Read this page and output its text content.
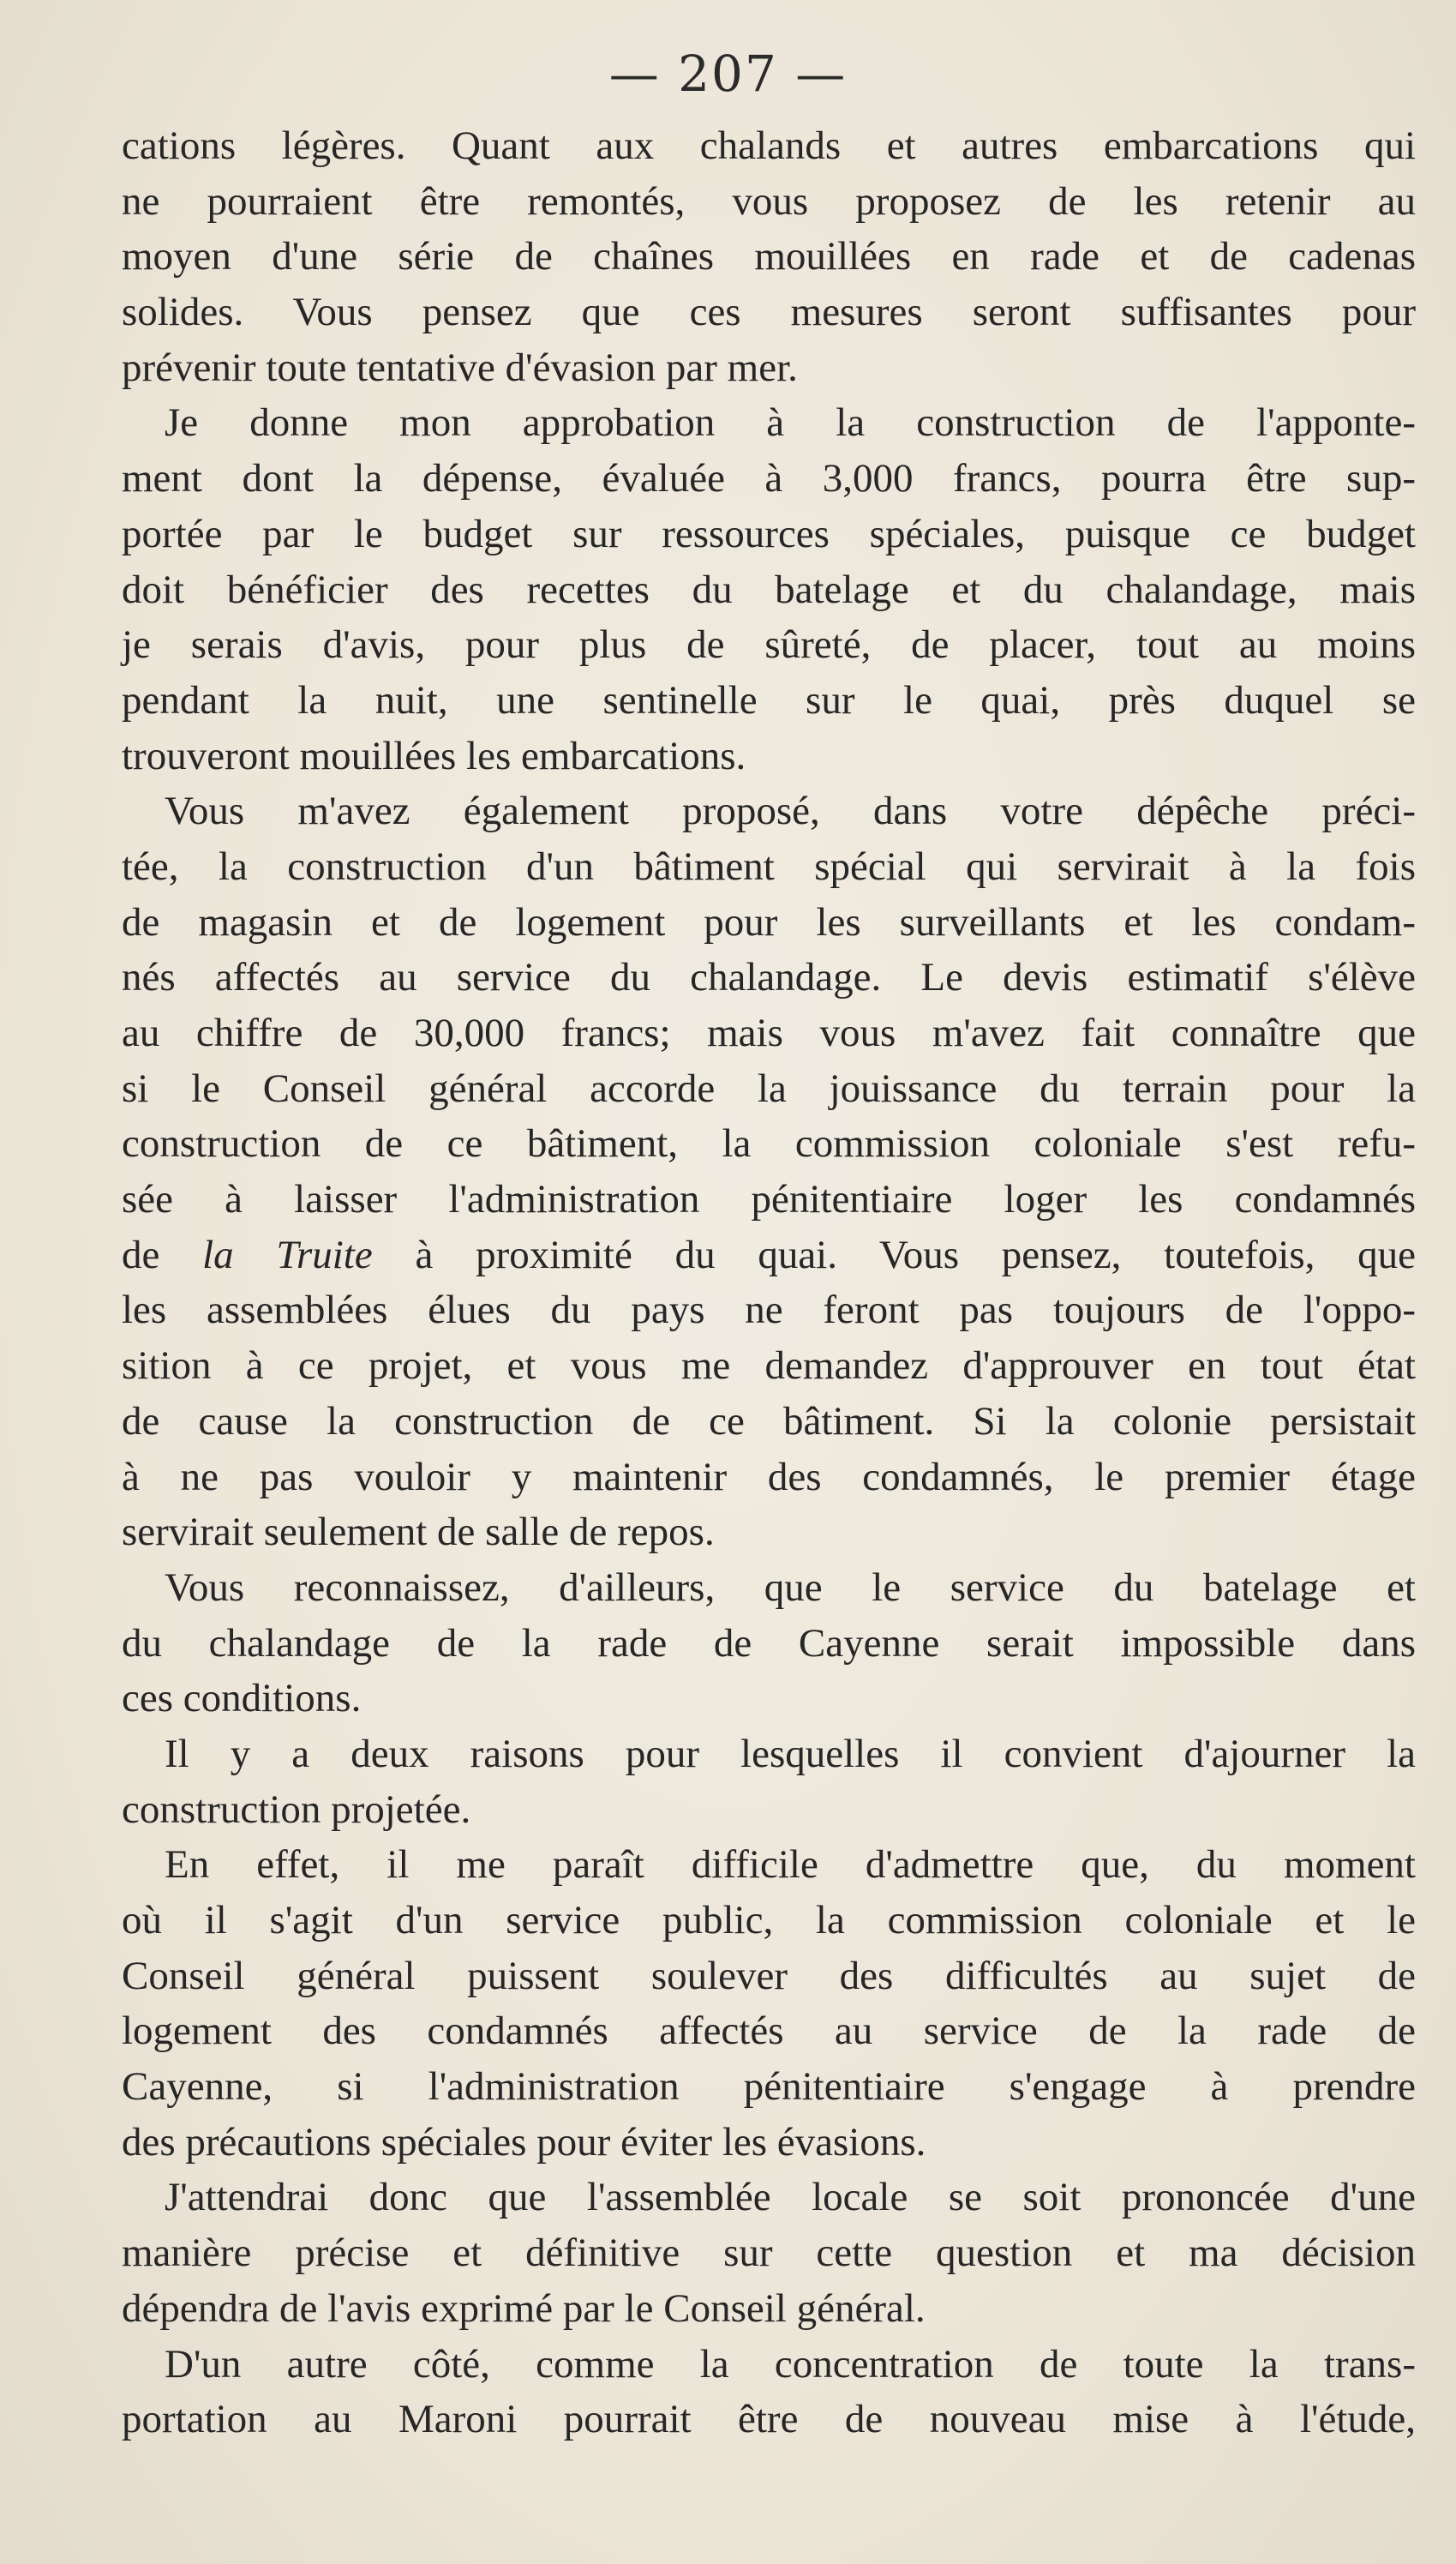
— 207 —
cations légères. Quant aux chalands et autres embarcations qui
ne pourraient être remontés, vous proposez de les retenir au
moyen d'une série de chaînes mouillées en rade et de cadenas
solides. Vous pensez que ces mesures seront suffisantes pour
prévenir toute tentative d'évasion par mer.
Je donne mon approbation à la construction de l'apponte-
ment dont la dépense, évaluée à 3,000 francs, pourra être sup-
portée par le budget sur ressources spéciales, puisque ce budget
doit bénéficier des recettes du batelage et du chalandage, mais
je serais d'avis, pour plus de sûreté, de placer, tout au moins
pendant la nuit, une sentinelle sur le quai, près duquel se
trouveront mouillées les embarcations.
Vous m'avez également proposé, dans votre dépêche préci-
tée, la construction d'un bâtiment spécial qui servirait à la fois
de magasin et de logement pour les surveillants et les condam-
nés affectés au service du chalandage. Le devis estimatif s'élève
au chiffre de 30,000 francs; mais vous m'avez fait connaître que
si le Conseil général accorde la jouissance du terrain pour la
construction de ce bâtiment, la commission coloniale s'est refu-
sée à laisser l'administration pénitentiaire loger les condamnés
de la Truite à proximité du quai. Vous pensez, toutefois, que
les assemblées élues du pays ne feront pas toujours de l'oppo-
sition à ce projet, et vous me demandez d'approuver en tout état
de cause la construction de ce bâtiment. Si la colonie persistait
à ne pas vouloir y maintenir des condamnés, le premier étage
servirait seulement de salle de repos.
Vous reconnaissez, d'ailleurs, que le service du batelage et
du chalandage de la rade de Cayenne serait impossible dans
ces conditions.
Il y a deux raisons pour lesquelles il convient d'ajourner la
construction projetée.
En effet, il me paraît difficile d'admettre que, du moment
où il s'agit d'un service public, la commission coloniale et le
Conseil général puissent soulever des difficultés au sujet de
logement des condamnés affectés au service de la rade de
Cayenne, si l'administration pénitentiaire s'engage à prendre
des précautions spéciales pour éviter les évasions.
J'attendrai donc que l'assemblée locale se soit prononcée d'une
manière précise et définitive sur cette question et ma décision
dépendra de l'avis exprimé par le Conseil général.
D'un autre côté, comme la concentration de toute la trans-
portation au Maroni pourrait être de nouveau mise à l'étude,
